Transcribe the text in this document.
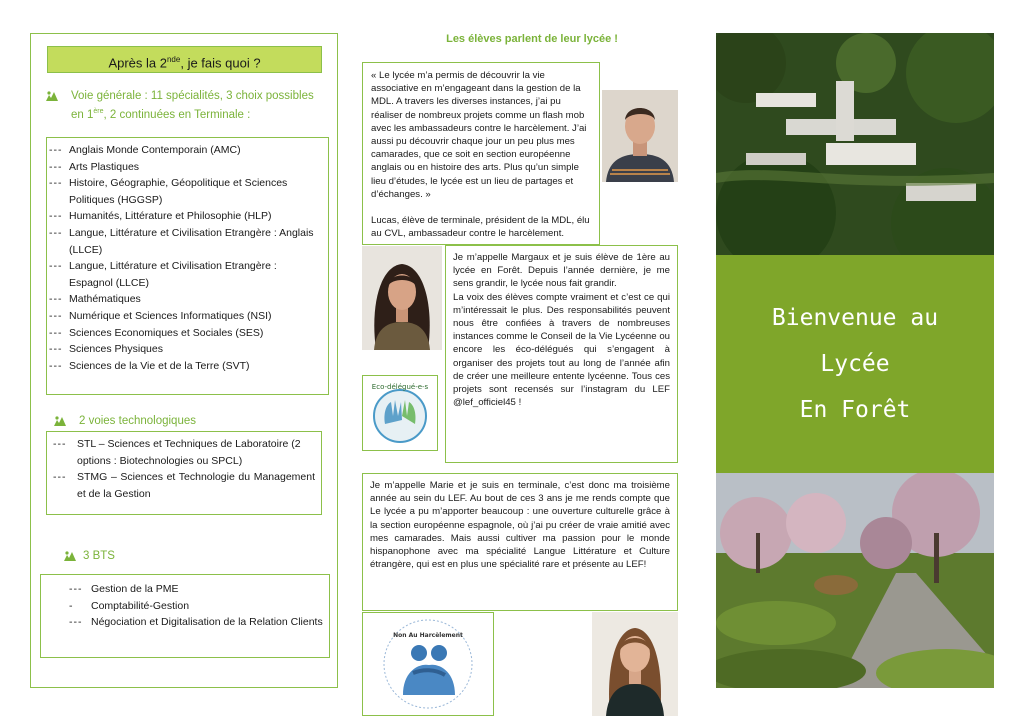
Après la 2nde, je fais quoi ?
Voie générale : 11 spécialités, 3 choix possibles en 1ère, 2 continuées en Terminale :
--- Anglais Monde Contemporain (AMC)
--- Arts Plastiques
--- Histoire, Géographie, Géopolitique et Sciences Politiques (HGGSP)
--- Humanités, Littérature et Philosophie (HLP)
--- Langue, Littérature et Civilisation Etrangère : Anglais (LLCE)
--- Langue, Littérature et Civilisation Etrangère : Espagnol (LLCE)
--- Mathématiques
--- Numérique et Sciences Informatiques (NSI)
--- Sciences Economiques et Sociales (SES)
--- Sciences Physiques
--- Sciences de la Vie et de la Terre (SVT)
2 voies technologiques
---	STL – Sciences et Techniques de Laboratoire (2 options : Biotechnologies ou SPCL)
---	STMG – Sciences et Technologie du Management et de la Gestion
3 BTS
--- Gestion de la PME
-	Comptabilité-Gestion
--- Négociation et Digitalisation de la Relation Clients
Les élèves parlent de leur lycée !

« Le lycée m’a permis de découvrir la vie associative en m’engageant dans la gestion de la MDL. A travers les diverses instances, j’ai pu réaliser de nombreux projets comme un flash mob avec les ambassadeurs contre le harcèlement. J’ai aussi pu découvrir chaque jour un peu plus mes camarades, que ce soit en section européenne anglais ou en histoire des arts. Plus qu’un simple lieu d’études, le lycée est un lieu de partages et d’échanges. »

Lucas, élève de terminale, président de la MDL, élu au CVL, ambassadeur contre le harcèlement.

Je m’appelle Margaux et je suis élève de 1ère au lycée en Forêt. Depuis l’année dernière, je me sens grandir, le lycée nous fait grandir.

La voix des élèves compte vraiment et c’est ce qui m’intéressait le plus. Des responsabilités peuvent nous être confiées à travers de nombreuses instances comme le Conseil de la Vie Lycéenne ou encore les éco-délégués qui s’engagent à organiser des projets tout au long de l’année afin de créer une meilleure entente lycéenne. Tous ces projets sont recensés sur l’instagram du LEF @lef_officiel45 !

Eco-délégué-e-s

Je m’appelle Marie et je suis en terminale, c’est donc ma troisième année au sein du LEF. Au bout de ces 3 ans je me rends compte que Le lycée a pu m’apporter beaucoup : une ouverture culturelle grâce à la section européenne espagnole, où j’ai pu créer de vraie amitié avec mes camarades. Mais aussi cultiver ma passion pour le monde hispanophone avec ma spécialité Langue Littérature et Culture étrangère, qui est en plus une spécialité rare et présente au LEF!

Non Au Harcèlement
Bienvenue au
Lycée
En Forêt
